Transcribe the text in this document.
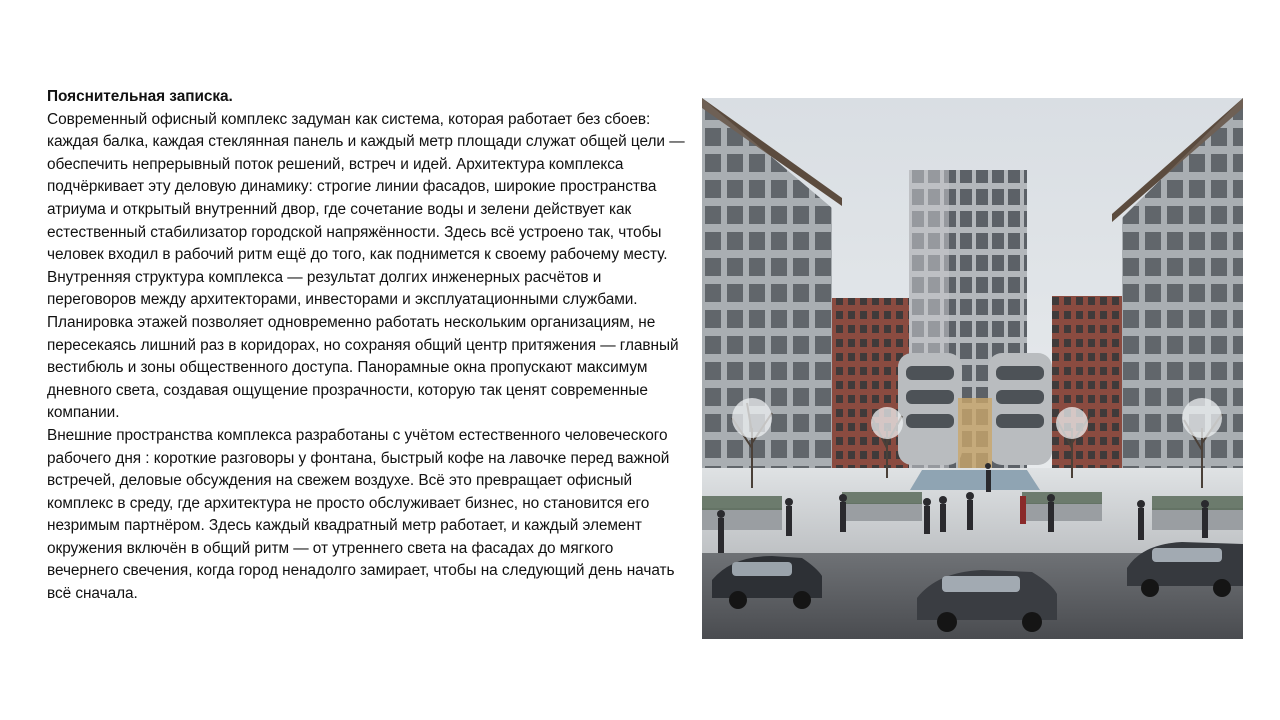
Пояснительная записка.

Современный офисный комплекс задуман как система, которая работает без сбоев: каждая балка, каждая стеклянная панель и каждый метр площади служат общей цели — обеспечить непрерывный поток решений, встреч и идей. Архитектура комплекса подчёркивает эту деловую динамику: строгие линии фасадов, широкие пространства атриума и открытый внутренний двор, где сочетание воды и зелени действует как естественный стабилизатор городской напряжённости. Здесь всё устроено так, чтобы человек входил в рабочий ритм ещё до того, как поднимется к своему рабочему месту.

Внутренняя структура комплекса — результат долгих инженерных расчётов и переговоров между архитекторами, инвесторами и эксплуатационными службами. Планировка этажей позволяет одновременно работать нескольким организациям, не пересекаясь лишний раз в коридорах, но сохраняя общий центр притяжения — главный вестибюль и зоны общественного доступа. Панорамные окна пропускают максимум дневного света, создавая ощущение прозрачности, которую так ценят современные компании.

Внешние пространства комплекса разработаны с учётом естественного человеческого рабочего дня : короткие разговоры у фонтана, быстрый кофе на лавочке перед важной встречей, деловые обсуждения на свежем воздухе. Всё это превращает офисный комплекс в среду, где архитектура не просто обслуживает бизнес, но становится его незримым партнёром. Здесь каждый квадратный метр работает, и каждый элемент окружения включён в общий ритм — от утреннего света на фасадах до мягкого вечернего свечения, когда город ненадолго замирает, чтобы на следующий день начать всё сначала.
